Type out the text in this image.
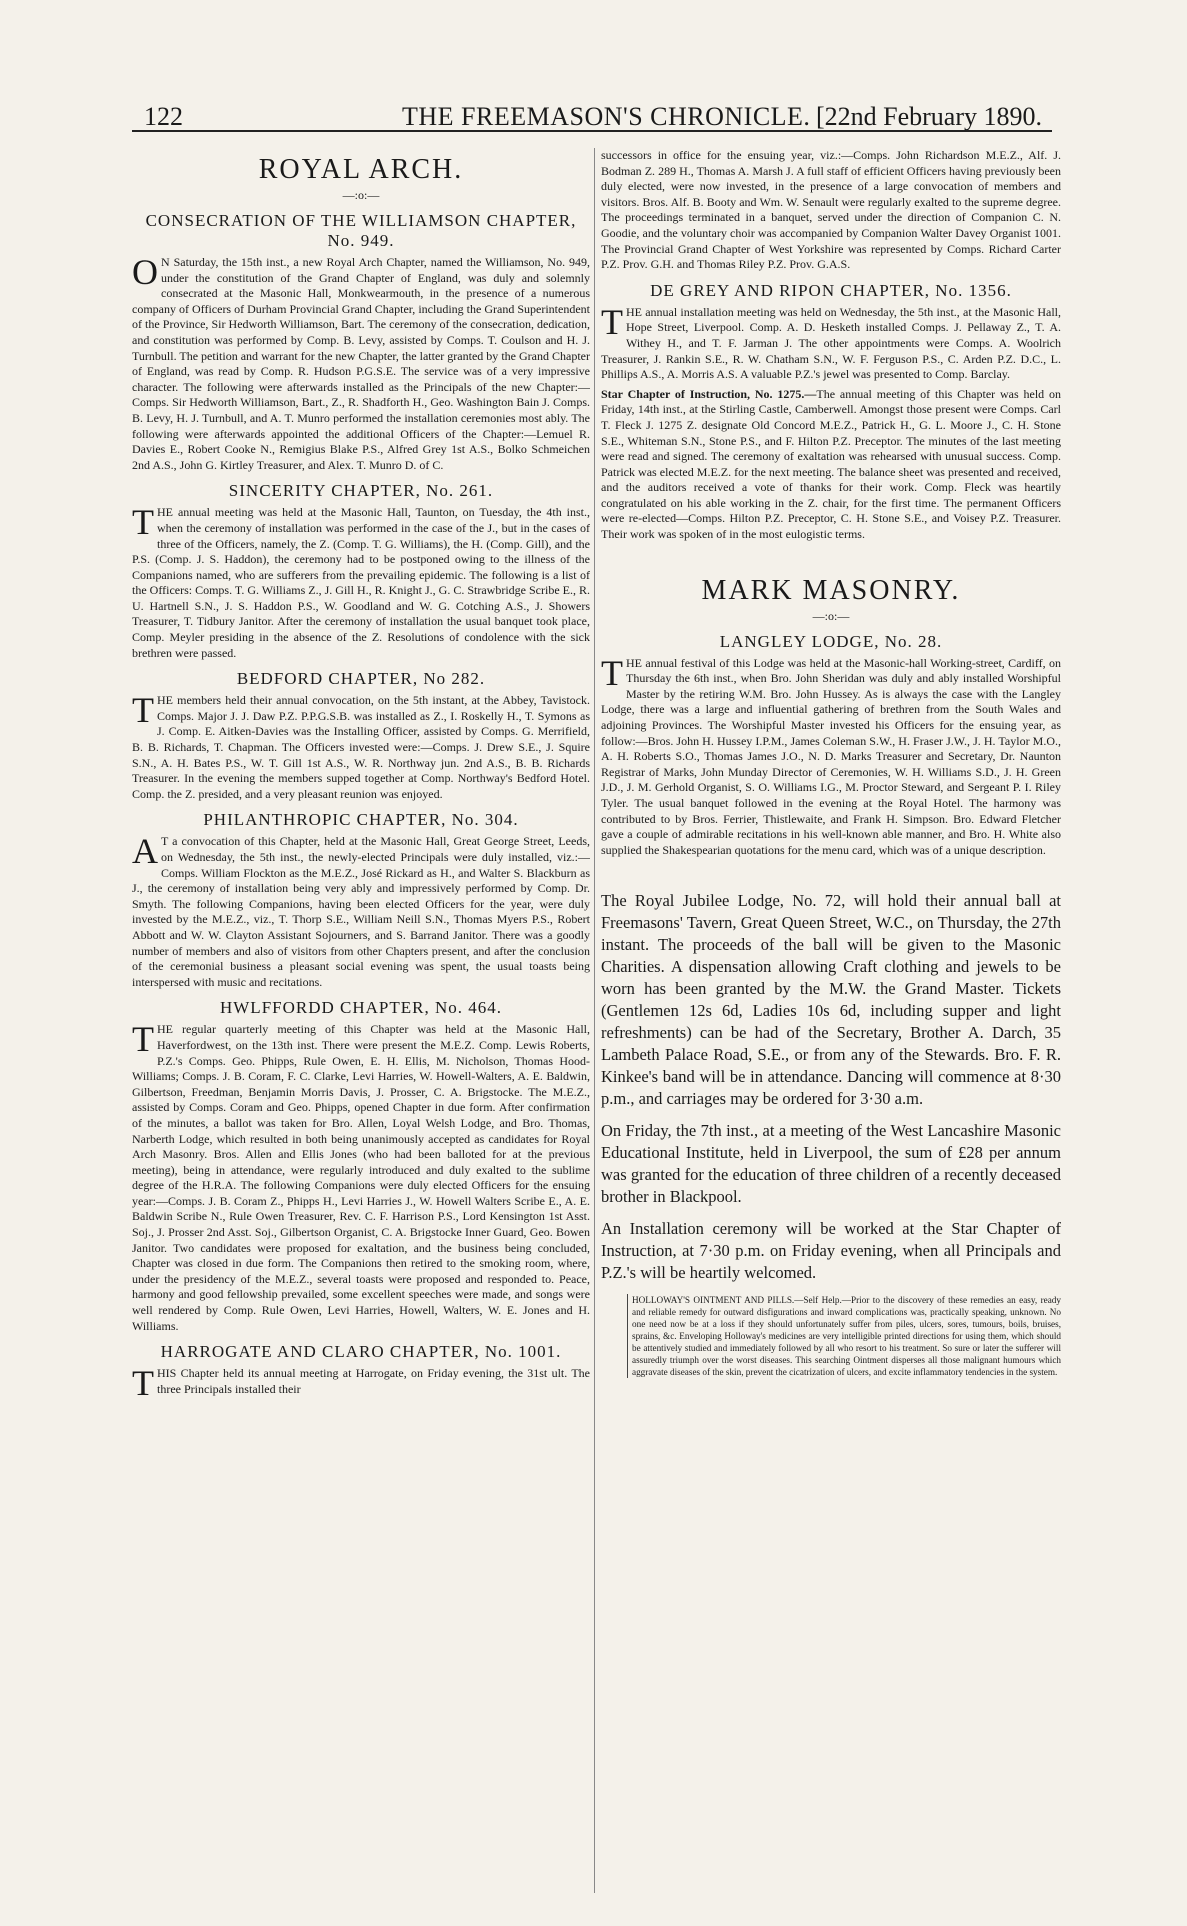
122	THE FREEMASON'S CHRONICLE. [22nd February 1890.
ROYAL ARCH.
—:o:—
CONSECRATION OF THE WILLIAMSON CHAPTER, No. 949.

O N Saturday, the 15th inst., a new Royal Arch Chapter, named the Williamson, No. 949, under the constitution of the Grand Chapter of England, was duly and solemnly consecrated at the Masonic Hall, Monkwearmouth, in the presence of a numerous company of Officers of Durham Provincial Grand Chapter, including the Grand Superintendent of the Province, Sir Hedworth Williamson, Bart. The ceremony of the consecration, dedication, and constitution was performed by Comp. B. Levy, assisted by Comps. T. Coulson and H. J. Turnbull. The petition and warrant for the new Chapter, the latter granted by the Grand Chapter of England, was read by Comp. R. Hudson P.G.S.E. The service was of a very impressive character. The following were afterwards installed as the Principals of the new Chapter:—Comps. Sir Hedworth Williamson, Bart., Z., R. Shadforth H., Geo. Washington Bain J. Comps. B. Levy, H. J. Turnbull, and A. T. Munro performed the installation ceremonies most ably. The following were afterwards appointed the additional Officers of the Chapter:—Lemuel R. Davies E., Robert Cooke N., Remigius Blake P.S., Alfred Grey 1st A.S., Bolko Schmeichen 2nd A.S., John G. Kirtley Treasurer, and Alex. T. Munro D. of C.

SINCERITY CHAPTER, No. 261.

THE annual meeting was held at the Masonic Hall, Taunton, on Tuesday, the 4th inst., when the ceremony of installation was performed in the case of the J., but in the cases of three of the Officers, namely, the Z. (Comp. T. G. Williams), the H. (Comp. Gill), and the P.S. (Comp. J. S. Haddon), the ceremony had to be postponed owing to the illness of the Companions named, who are sufferers from the prevailing epidemic. The following is a list of the Officers: Comps. T. G. Williams Z., J. Gill H., R. Knight J., G. C. Strawbridge Scribe E., R. U. Hartnell S.N., J. S. Haddon P.S., W. Goodland and W. G. Cotching A.S., J. Showers Treasurer, T. Tidbury Janitor. After the ceremony of installation the usual banquet took place, Comp. Meyler presiding in the absence of the Z. Resolutions of condolence with the sick brethren were passed.

BEDFORD CHAPTER, No 282.

THE members held their annual convocation, on the 5th instant, at the Abbey, Tavistock. Comps. Major J. J. Daw P.Z. P.P.G.S.B. was installed as Z., I. Roskelly H., T. Symons as J. Comp. E. Aitken-Davies was the Installing Officer, assisted by Comps. G. Merrifield, B. B. Richards, T. Chapman. The Officers invested were:—Comps. J. Drew S.E., J. Squire S.N., A. H. Bates P.S., W. T. Gill 1st A.S., W. R. Northway jun. 2nd A.S., B. B. Richards Treasurer. In the evening the members supped together at Comp. Northway's Bedford Hotel. Comp. the Z. presided, and a very pleasant reunion was enjoyed.

PHILANTHROPIC CHAPTER, No. 304.

A T a convocation of this Chapter, held at the Masonic Hall, Great George Street, Leeds, on Wednesday, the 5th inst., the newly-elected Principals were duly installed, viz.:—Comps. William Flockton as the M.E.Z., José Rickard as H., and Walter S. Blackburn as J., the ceremony of installation being very ably and impressively performed by Comp. Dr. Smyth. The following Companions, having been elected Officers for the year, were duly invested by the M.E.Z., viz., T. Thorp S.E., William Neill S.N., Thomas Myers P.S., Robert Abbott and W. W. Clayton Assistant Sojourners, and S. Barrand Janitor. There was a goodly number of members and also of visitors from other Chapters present, and after the conclusion of the ceremonial business a pleasant social evening was spent, the usual toasts being interspersed with music and recitations.

HWLFFORDD CHAPTER, No. 464.

THE regular quarterly meeting of this Chapter was held at the Masonic Hall, Haverfordwest, on the 13th inst. There were present the M.E.Z. Comp. Lewis Roberts, P.Z.'s Comps. Geo. Phipps, Rule Owen, E. H. Ellis, M. Nicholson, Thomas Hood-Williams; Comps. J. B. Coram, F. C. Clarke, Levi Harries, W. Howell-Walters, A. E. Baldwin, Gilbertson, Freedman, Benjamin Morris Davis, J. Prosser, C. A. Brigstocke. The M.E.Z., assisted by Comps. Coram and Geo. Phipps, opened Chapter in due form. After confirmation of the minutes, a ballot was taken for Bro. Allen, Loyal Welsh Lodge, and Bro. Thomas, Narberth Lodge, which resulted in both being unanimously accepted as candidates for Royal Arch Masonry. Bros. Allen and Ellis Jones (who had been balloted for at the previous meeting), being in attendance, were regularly introduced and duly exalted to the sublime degree of the H.R.A. The following Companions were duly elected Officers for the ensuing year:—Comps. J. B. Coram Z., Phipps H., Levi Harries J., W. Howell Walters Scribe E., A. E. Baldwin Scribe N., Rule Owen Treasurer, Rev. C. F. Harrison P.S., Lord Kensington 1st Asst. Soj., J. Prosser 2nd Asst. Soj., Gilbertson Organist, C. A. Brigstocke Inner Guard, Geo. Bowen Janitor. Two candidates were proposed for exaltation, and the business being concluded, Chapter was closed in due form. The Companions then retired to the smoking room, where, under the presidency of the M.E.Z., several toasts were proposed and responded to. Peace, harmony and good fellowship prevailed, some excellent speeches were made, and songs were well rendered by Comp. Rule Owen, Levi Harries, Howell, Walters, W. E. Jones and H. Williams.

HARROGATE AND CLARO CHAPTER, No. 1001.

THIS Chapter held its annual meeting at Harrogate, on Friday evening, the 31st ult. The three Principals installed their

successors in office for the ensuing year, viz.:—Comps. John Richardson M.E.Z., Alf. J. Bodman Z. 289 H., Thomas A. Marsh J. A full staff of efficient Officers having previously been duly elected, were now invested, in the presence of a large convocation of members and visitors. Bros. Alf. B. Booty and Wm. W. Senault were regularly exalted to the supreme degree. The proceedings terminated in a banquet, served under the direction of Companion C. N. Goodie, and the voluntary choir was accompanied by Companion Walter Davey Organist 1001. The Provincial Grand Chapter of West Yorkshire was represented by Comps. Richard Carter P.Z. Prov. G.H. and Thomas Riley P.Z. Prov. G.A.S.

DE GREY AND RIPON CHAPTER, No. 1356.

THE annual installation meeting was held on Wednesday, the 5th inst., at the Masonic Hall, Hope Street, Liverpool. Comp. A. D. Hesketh installed Comps. J. Pellaway Z., T. A. Withey H., and T. F. Jarman J. The other appointments were Comps. A. Woolrich Treasurer, J. Rankin S.E., R. W. Chatham S.N., W. F. Ferguson P.S., C. Arden P.Z. D.C., L. Phillips A.S., A. Morris A.S. A valuable P.Z.'s jewel was presented to Comp. Barclay.

Star Chapter of Instruction, No. 1275.—The annual meeting of this Chapter was held on Friday, 14th inst., at the Stirling Castle, Camberwell. Amongst those present were Comps. Carl T. Fleck J. 1275 Z. designate Old Concord M.E.Z., Patrick H., G. L. Moore J., C. H. Stone S.E., Whiteman S.N., Stone P.S., and F. Hilton P.Z. Preceptor. The minutes of the last meeting were read and signed. The ceremony of exaltation was rehearsed with unusual success. Comp. Patrick was elected M.E.Z. for the next meeting. The balance sheet was presented and received, and the auditors received a vote of thanks for their work. Comp. Fleck was heartily congratulated on his able working in the Z. chair, for the first time. The permanent Officers were re-elected—Comps. Hilton P.Z. Preceptor, C. H. Stone S.E., and Voisey P.Z. Treasurer. Their work was spoken of in the most eulogistic terms.

MARK MASONRY.
—:o:—
LANGLEY LODGE, No. 28.

THE annual festival of this Lodge was held at the Masonic-hall Working-street, Cardiff, on Thursday the 6th inst., when Bro. John Sheridan was duly and ably installed Worshipful Master by the retiring W.M. Bro. John Hussey. As is always the case with the Langley Lodge, there was a large and influential gathering of brethren from the South Wales and adjoining Provinces. The Worshipful Master invested his Officers for the ensuing year, as follow:—Bros. John H. Hussey I.P.M., James Coleman S.W., H. Fraser J.W., J. H. Taylor M.O., A. H. Roberts S.O., Thomas James J.O., N. D. Marks Treasurer and Secretary, Dr. Naunton Registrar of Marks, John Munday Director of Ceremonies, W. H. Williams S.D., J. H. Green J.D., J. M. Gerhold Organist, S. O. Williams I.G., M. Proctor Steward, and Sergeant P. I. Riley Tyler. The usual banquet followed in the evening at the Royal Hotel. The harmony was contributed to by Bros. Ferrier, Thistlewaite, and Frank H. Simpson. Bro. Edward Fletcher gave a couple of admirable recitations in his well-known able manner, and Bro. H. White also supplied the Shakespearian quotations for the menu card, which was of a unique description.

The Royal Jubilee Lodge, No. 72, will hold their annual ball at Freemasons' Tavern, Great Queen Street, W.C., on Thursday, the 27th instant. The proceeds of the ball will be given to the Masonic Charities. A dispensation allowing Craft clothing and jewels to be worn has been granted by the M.W. the Grand Master. Tickets (Gentlemen 12s 6d, Ladies 10s 6d, including supper and light refreshments) can be had of the Secretary, Brother A. Darch, 35 Lambeth Palace Road, S.E., or from any of the Stewards. Bro. F. R. Kinkee's band will be in attendance. Dancing will commence at 8·30 p.m., and carriages may be ordered for 3·30 a.m.

On Friday, the 7th inst., at a meeting of the West Lancashire Masonic Educational Institute, held in Liverpool, the sum of £28 per annum was granted for the education of three children of a recently deceased brother in Blackpool.

An Installation ceremony will be worked at the Star Chapter of Instruction, at 7·30 p.m. on Friday evening, when all Principals and P.Z.'s will be heartily welcomed.

HOLLOWAY'S OINTMENT AND PILLS.—Self Help.—Prior to the discovery of these remedies an easy, ready and reliable remedy for outward disfigurations and inward complications was, practically speaking, unknown. No one need now be at a loss if they should unfortunately suffer from piles, ulcers, sores, tumours, boils, bruises, sprains, &c. Enveloping Holloway's medicines are very intelligible printed directions for using them, which should be attentively studied and immediately followed by all who resort to his treatment. So sure or later the sufferer will assuredly triumph over the worst diseases. This searching Ointment disperses all those malignant humours which aggravate diseases of the skin, prevent the cicatrization of ulcers, and excite inflammatory tendencies in the system.
